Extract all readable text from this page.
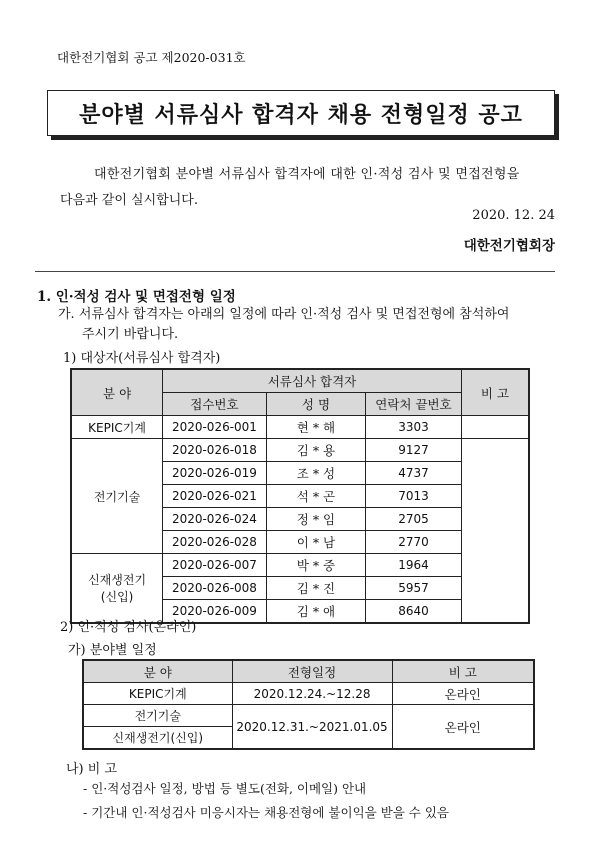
대한전기협회 공고 제2020-031호
분야별 서류심사 합격자 채용 전형일정 공고
대한전기협회 분야별 서류심사 합격자에 대한 인·적성 검사 및 면접전형을
다음과 같이 실시합니다.
2020. 12. 24
대한전기협회장
1. 인·적성 검사 및 면접전형 일정
가. 서류심사 합격자는 아래의 일정에 따라 인·적성 검사 및 면접전형에 참석하여
주시기 바랍니다.
1) 대상자(서류심사 합격자)
분 야	서류심사 합격자			비 고
	접수번호	성 명	연락처 끝번호	
KEPIC기계	2020-026-001	현 * 해	3303	
전기기술	2020-026-018	김 * 용	9127	
	2020-026-019	조 * 성	4737	
	2020-026-021	석 * 곤	7013	
	2020-026-024	정 * 임	2705	
	2020-026-028	이 * 남	2770	
신재생전기
(신입)	2020-026-007	박 * 중	1964	
	2020-026-008	김 * 진	5957	
	2020-026-009	김 * 애	8640	
2) 인·적성 검사(온라인)
가) 분야별 일정
분 야	전형일정	비 고
KEPIC기계	2020.12.24.~12.28	온라인
전기기술	2020.12.31.~2021.01.05	온라인
신재생전기(신입)		
나) 비 고
- 인·적성검사 일정, 방법 등 별도(전화, 이메일) 안내
- 기간내 인·적성검사 미응시자는 채용전형에 불이익을 받을 수 있음
